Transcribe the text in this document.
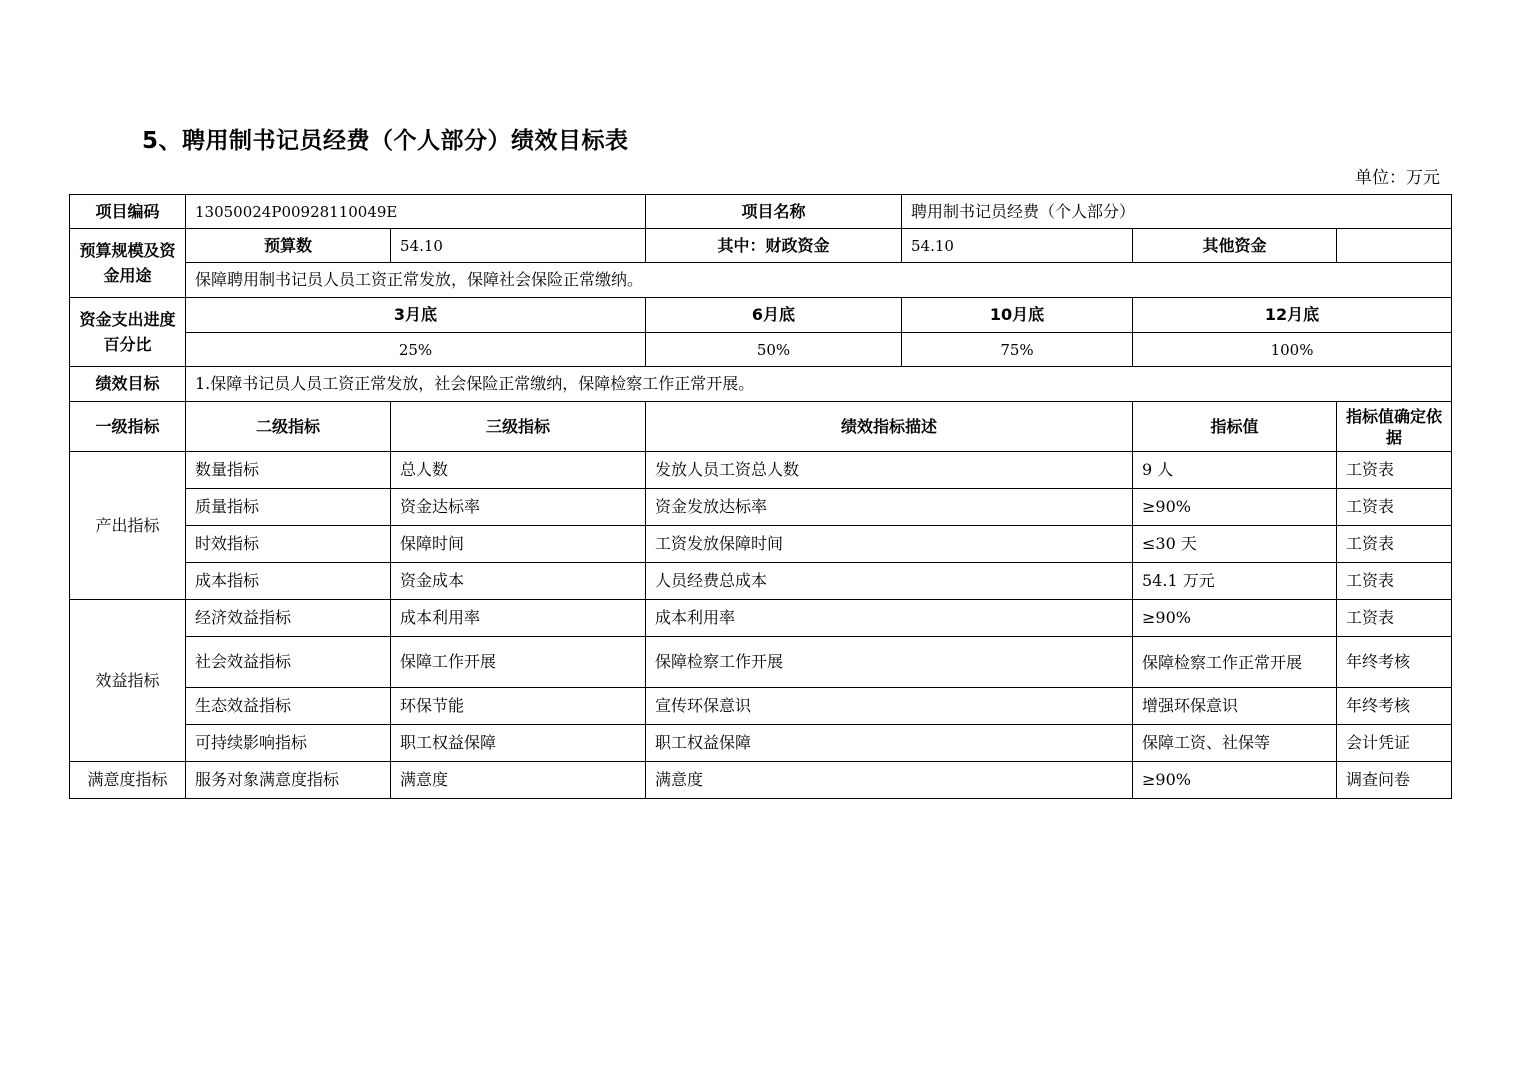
5、聘用制书记员经费（个人部分）绩效目标表
单位：万元
项目编码	13050024P00928110049E		项目名称	聘用制书记员经费（个人部分）		
预算规模及资金用途	预算数	54.10	其中：财政资金	54.10	其他资金	
	保障聘用制书记员人员工资正常发放，保障社会保险正常缴纳。					
资金支出进度百分比	3月底		6月底	10月底	12月底	
	25%		50%	75%	100%	
绩效目标	1.保障书记员人员工资正常发放，社会保险正常缴纳，保障检察工作正常开展。					
一级指标	二级指标	三级指标	绩效指标描述		指标值	指标值确定依据
产出指标	数量指标	总人数	发放人员工资总人数		9 人	工资表
	质量指标	资金达标率	资金发放达标率		≥90%	工资表
	时效指标	保障时间	工资发放保障时间		≤30 天	工资表
	成本指标	资金成本	人员经费总成本		54.1 万元	工资表
效益指标	经济效益指标	成本利用率	成本利用率		≥90%	工资表
	社会效益指标	保障工作开展	保障检察工作开展		保障检察工作正常开展	年终考核
	生态效益指标	环保节能	宣传环保意识		增强环保意识	年终考核
	可持续影响指标	职工权益保障	职工权益保障		保障工资、社保等	会计凭证
满意度指标	服务对象满意度指标	满意度	满意度		≥90%	调查问卷
